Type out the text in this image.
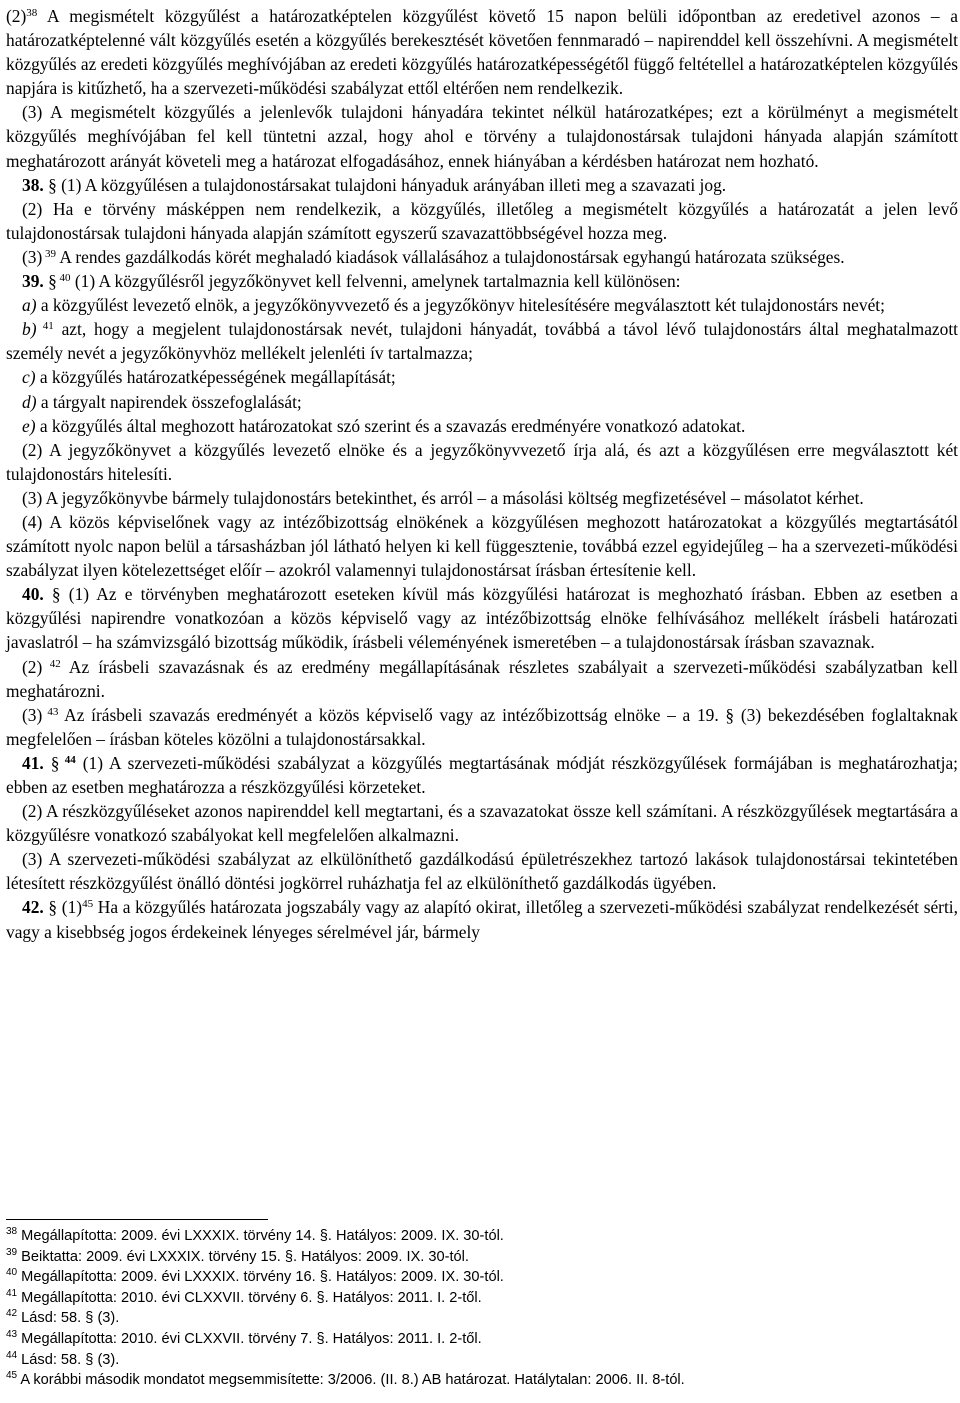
$(2)^{38}$ A megismételt közgyűlést a határozatképtelen közgyűlést követő 15 napon belüli időpontban az eredetivel azonos – a határozatképtelenné vált közgyűlés esetén a közgyűlés berekesztését követően fennmaradó – napirenddel kell összehívni. A megismételt közgyűlés az eredeti közgyűlés meghívójában az eredeti közgyűlés határozatképességétől függő feltétellel a határozatképtelen közgyűlés napjára is kitűzhető, ha a szervezeti-működési szabályzat ettől eltérően nem rendelkezik.

(3) A megismételt közgyűlés a jelenlevők tulajdoni hányadára tekintet nélkül határozatképes; ezt a körülményt a megismételt közgyűlés meghívójában fel kell tüntetni azzal, hogy ahol e törvény a tulajdonostársak tulajdoni hányada alapján számított meghatározott arányát követeli meg a határozat elfogadásához, ennek hiányában a kérdésben határozat nem hozható.

38. § (1) A közgyűlésen a tulajdonostársakat tulajdoni hányaduk arányában illeti meg a szavazati jog.

(2) Ha e törvény másképpen nem rendelkezik, a közgyűlés, illetőleg a megismételt közgyűlés a határozatát a jelen levő tulajdonostársak tulajdoni hányada alapján számított egyszerű szavazattöbbségével hozza meg.

(3) $^{39}$ A rendes gazdálkodás körét meghaladó kiadások vállalásához a tulajdonostársak egyhangú határozata szükséges.

39. § $^{40}$ (1) A közgyűlésről jegyzőkönyvet kell felvenni, amelynek tartalmaznia kell különösen:

a) a közgyűlést levezető elnök, a jegyzőkönyvvezető és a jegyzőkönyv hitelesítésére megválasztott két tulajdonostárs nevét;

b) $^{41}$ azt, hogy a megjelent tulajdonostársak nevét, tulajdoni hányadát, továbbá a távol lévő tulajdonostárs által meghatalmazott személy nevét a jegyzőkönyvhöz mellékelt jelenléti ív tartalmazza;

c) a közgyűlés határozatképességének megállapítását;

d) a tárgyalt napirendek összefoglalását;

e) a közgyűlés által meghozott határozatokat szó szerint és a szavazás eredményére vonatkozó adatokat.

(2) A jegyzőkönyvet a közgyűlés levezető elnöke és a jegyzőkönyvvezető írja alá, és azt a közgyűlésen erre megválasztott két tulajdonostárs hitelesíti.

(3) A jegyzőkönyvbe bármely tulajdonostárs betekinthet, és arról – a másolási költség megfizetésével – másolatot kérhet.

(4) A közös képviselőnek vagy az intézőbizottság elnökének a közgyűlésen meghozott határozatokat a közgyűlés megtartásától számított nyolc napon belül a társasházban jól látható helyen ki kell függesztenie, továbbá ezzel egyidejűleg – ha a szervezeti-működési szabályzat ilyen kötelezettséget előír – azokról valamennyi tulajdonostársat írásban értesítenie kell.

40. § (1) Az e törvényben meghatározott eseteken kívül más közgyűlési határozat is meghozható írásban. Ebben az esetben a közgyűlési napirendre vonatkozóan a közös képviselő vagy az intézőbizottság elnöke felhívásához mellékelt írásbeli határozati javaslatról – ha számvizsgáló bizottság működik, írásbeli véleményének ismeretében – a tulajdonostársak írásban szavaznak.

(2) $^{42}$ Az írásbeli szavazásnak és az eredmény megállapításának részletes szabályait a szervezeti-működési szabályzatban kell meghatározni.

(3) $^{43}$ Az írásbeli szavazás eredményét a közös képviselő vagy az intézőbizottság elnöke – a 19. § (3) bekezdésében foglaltaknak megfelelően – írásban köteles közölni a tulajdonostársakkal.

41. § $^{44}$ (1) A szervezeti-működési szabályzat a közgyűlés megtartásának módját részközgyűlések formájában is meghatározhatja; ebben az esetben meghatározza a részközgyűlési körzeteket.

(2) A részközgyűléseket azonos napirenddel kell megtartani, és a szavazatokat össze kell számítani. A részközgyűlések megtartására a közgyűlésre vonatkozó szabályokat kell megfelelően alkalmazni.

(3) A szervezeti-működési szabályzat az elkülöníthető gazdálkodású épületrészekhez tartozó lakások tulajdonostársai tekintetében létesített részközgyűlést önálló döntési jogkörrel ruházhatja fel az elkülöníthető gazdálkodás ügyében.

42. § $(1)^{45}$ Ha a közgyűlés határozata jogszabály vagy az alapító okirat, illetőleg a szervezeti-működési szabályzat rendelkezését sérti, vagy a kisebbség jogos érdekeinek lényeges sérelmével jár, bármely

$^{38}$ Megállapította: 2009. évi LXXXIX. törvény 14. §. Hatályos: 2009. IX. 30-tól.
$^{39}$ Beiktatta: 2009. évi LXXXIX. törvény 15. §. Hatályos: 2009. IX. 30-tól.
$^{40}$ Megállapította: 2009. évi LXXXIX. törvény 16. §. Hatályos: 2009. IX. 30-tól.
$^{41}$ Megállapította: 2010. évi CLXXVII. törvény 6. §. Hatályos: 2011. I. 2-től.
$^{42}$ Lásd: 58. § (3).
$^{43}$ Megállapította: 2010. évi CLXXVII. törvény 7. §. Hatályos: 2011. I. 2-től.
$^{44}$ Lásd: 58. § (3).
$^{45}$ A korábbi második mondatot megsemmisítette: 3/2006. (II. 8.) AB határozat. Hatálytalan: 2006. II. 8-tól.
